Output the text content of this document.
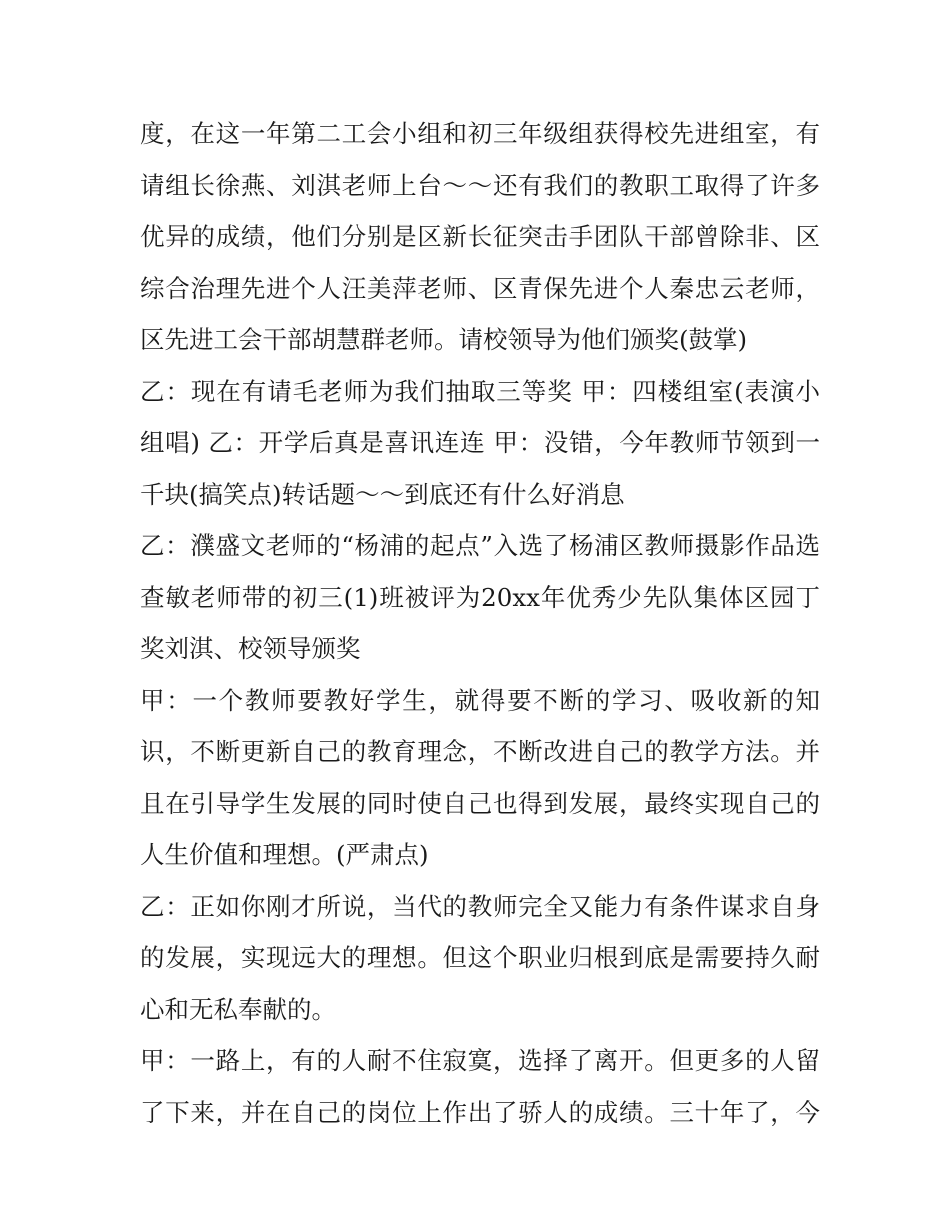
度，在这一年第二工会小组和初三年级组获得校先进组室，有
请组长徐燕、刘淇老师上台～～还有我们的教职工取得了许多
优异的成绩，他们分别是区新长征突击手团队干部曾除非、区
综合治理先进个人汪美萍老师、区青保先进个人秦忠云老师，
区先进工会干部胡慧群老师。请校领导为他们颁奖(鼓掌)
乙：现在有请毛老师为我们抽取三等奖 甲：四楼组室(表演小
组唱) 乙：开学后真是喜讯连连 甲：没错，今年教师节领到一
千块(搞笑点)转话题～～到底还有什么好消息
乙：濮盛文老师的“杨浦的起点”入选了杨浦区教师摄影作品选
查敏老师带的初三(1)班被评为20xx年优秀少先队集体区园丁
奖刘淇、校领导颁奖
甲：一个教师要教好学生，就得要不断的学习、吸收新的知
识，不断更新自己的教育理念，不断改进自己的教学方法。并
且在引导学生发展的同时使自己也得到发展，最终实现自己的
人生价值和理想。(严肃点)
乙：正如你刚才所说，当代的教师完全又能力有条件谋求自身
的发展，实现远大的理想。但这个职业归根到底是需要持久耐
心和无私奉献的。
甲：一路上，有的人耐不住寂寞，选择了离开。但更多的人留
了下来，并在自己的岗位上作出了骄人的成绩。三十年了，今
